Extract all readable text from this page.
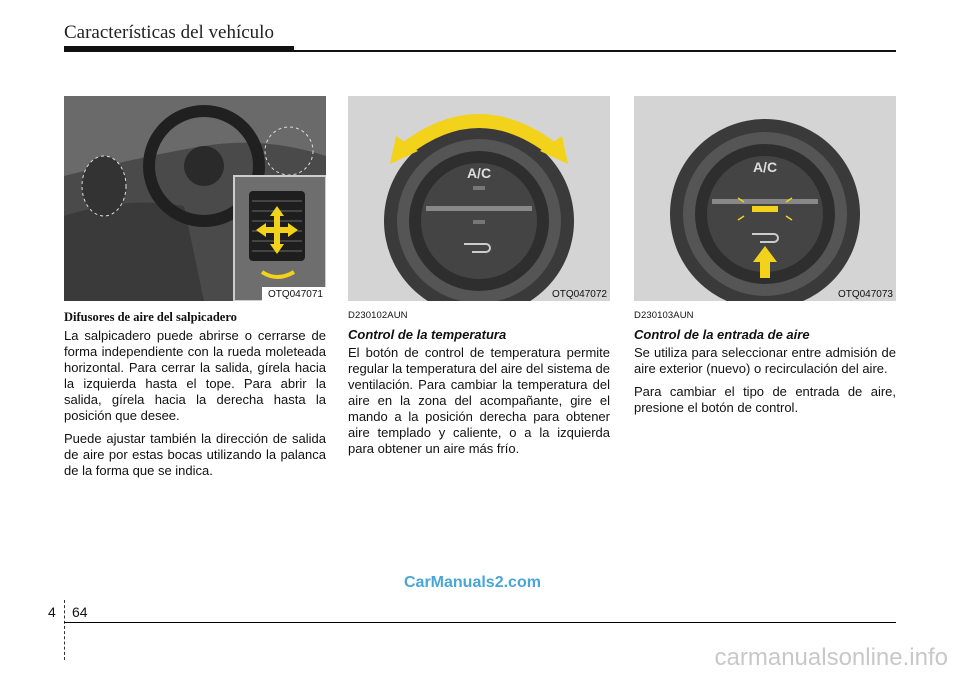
Características del vehículo
OTQ047071
A/C
OTQ047072
A/C
OTQ047073
Difusores de aire del salpicadero

La salpicadero puede abrirse o cerrarse de forma independiente con la rueda moleteada horizontal. Para cerrar la salida, gírela hacia la izquierda hasta el tope. Para abrir la salida, gírela hacia la derecha hasta la posición que desee.

Puede ajustar también la dirección de salida de aire por estas bocas utilizando la palanca de la forma que se indica.

D230102AUN
Control de la temperatura

El botón de control de temperatura permite regular la temperatura del aire del sistema de ventilación. Para cambiar la temperatura del aire en la zona del acompañante, gire el mando a la posición derecha para obtener aire templado y caliente, o a la izquierda para obtener un aire más frío.

D230103AUN
Control de la entrada de aire

Se utiliza para seleccionar entre admisión de aire exterior (nuevo) o recirculación del aire.

Para cambiar el tipo de entrada de aire, presione el botón de control.

CarManuals2.com
4 64
carmanualsonline.info
